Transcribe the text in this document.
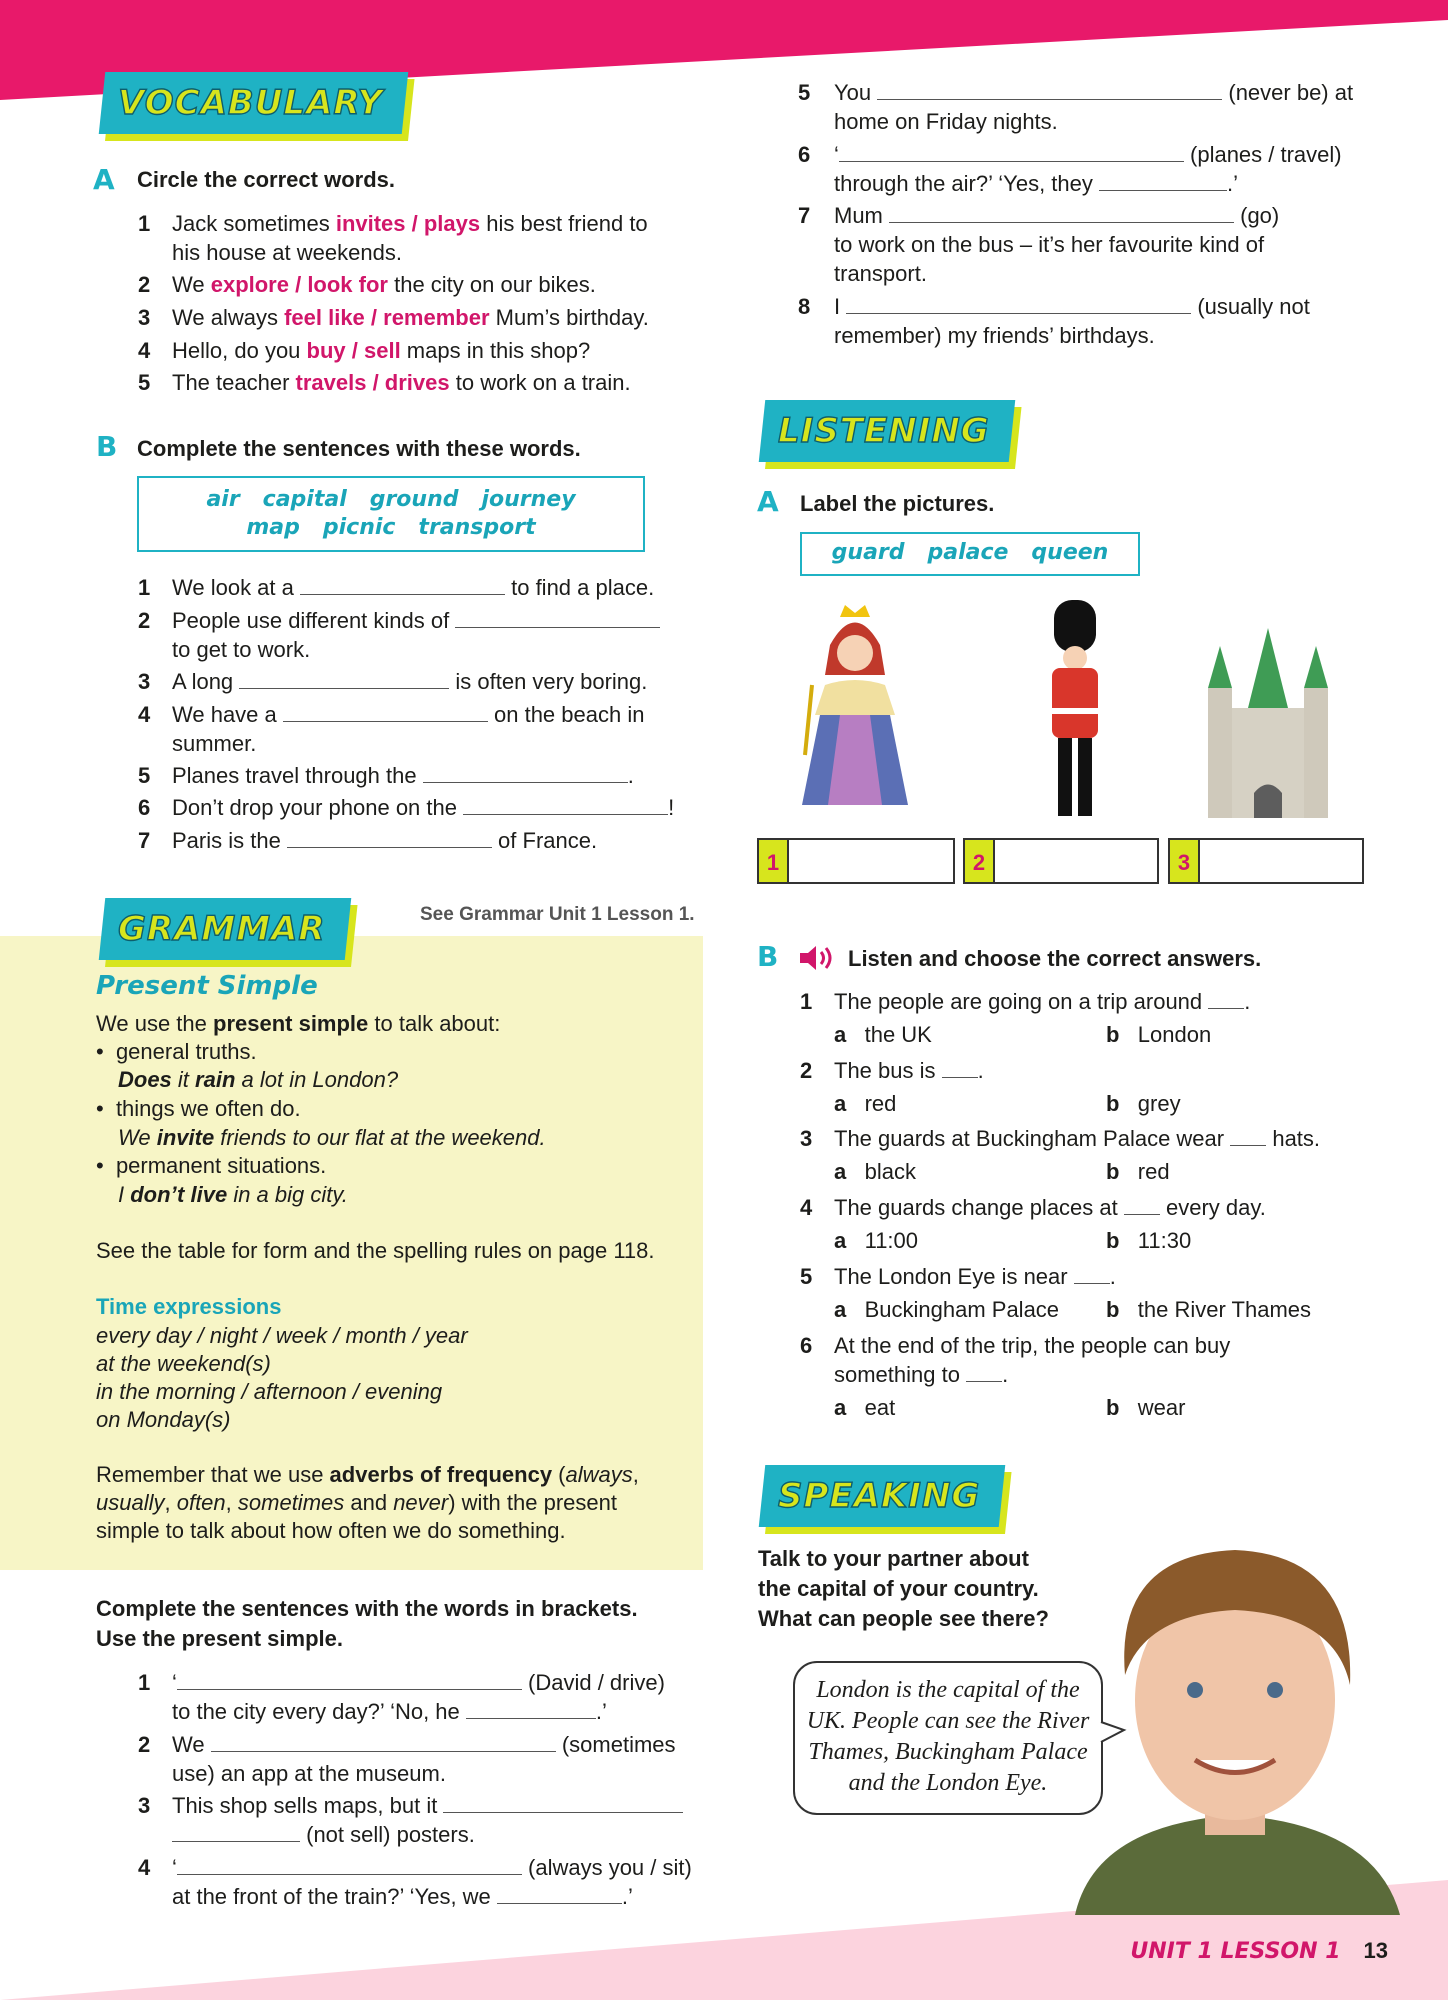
VOCABULARY
A Circle the correct words.
1 Jack sometimes invites / plays his best friend to
his house at weekends.
2 We explore / look for the city on our bikes.
3 We always feel like / remember Mum’s birthday.
4 Hello, do you buy / sell maps in this shop?
5 The teacher travels / drives to work on a train.
B Complete the sentences with these words.
air   capital   ground   journey
map   picnic   transport
1 We look at a	to find a place.
2 People use different kinds of
to get to work.
3 A long	is often very boring.
4 We have a	on the beach in
summer.
5 Planes travel through the	.
6 Don’t drop your phone on the	!
7 Paris is the	of France.
GRAMMAR	See Grammar Unit 1 Lesson 1.
Present Simple
We use the present simple to talk about:
•  general truths.
Does it rain a lot in London?
•  things we often do.
We invite friends to our flat at the weekend.
•  permanent situations.
I don’t live in a big city.
See the table for form and the spelling rules on page 118.
Time expressions
every day / night / week / month / year
at the weekend(s)
in the morning / afternoon / evening
on Monday(s)
Remember that we use adverbs of frequency (always,
usually, often, sometimes and never) with the present
simple to talk about how often we do something.
Complete the sentences with the words in brackets.
Use the present simple.
1 ‘	(David / drive)
to the city every day?’ ‘No, he	.’
2 We	(sometimes
use) an app at the museum.
3 This shop sells maps, but it
(not sell) posters.
4 ‘	(always you / sit)
at the front of the train?’ ‘Yes, we	.’
5 You	(never be) at
home on Friday nights.
6 ‘	(planes / travel)
through the air?’ ‘Yes, they	.’
7 Mum	(go)
to work on the bus – it’s her favourite kind of
transport.
8 I	(usually not
remember) my friends’ birthdays.
LISTENING
A Label the pictures.
guard   palace   queen
1	2	3
B	Listen and choose the correct answers.
1 The people are going on a trip around .
a the UK	b London
2 The bus is .
a red	b grey
3 The guards at Buckingham Palace wear  hats.
a black	b red
4 The guards change places at  every day.
a 11:00	b 11:30
5 The London Eye is near .
a Buckingham Palace b the River Thames
6 At the end of the trip, the people can buy
something to .
a eat	b wear
SPEAKING
Talk to your partner about
the capital of your country.
What can people see there?
London is the capital of the
UK. People can see the River
Thames, Buckingham Palace
and the London Eye.
UNIT 1 LESSON 1 13
